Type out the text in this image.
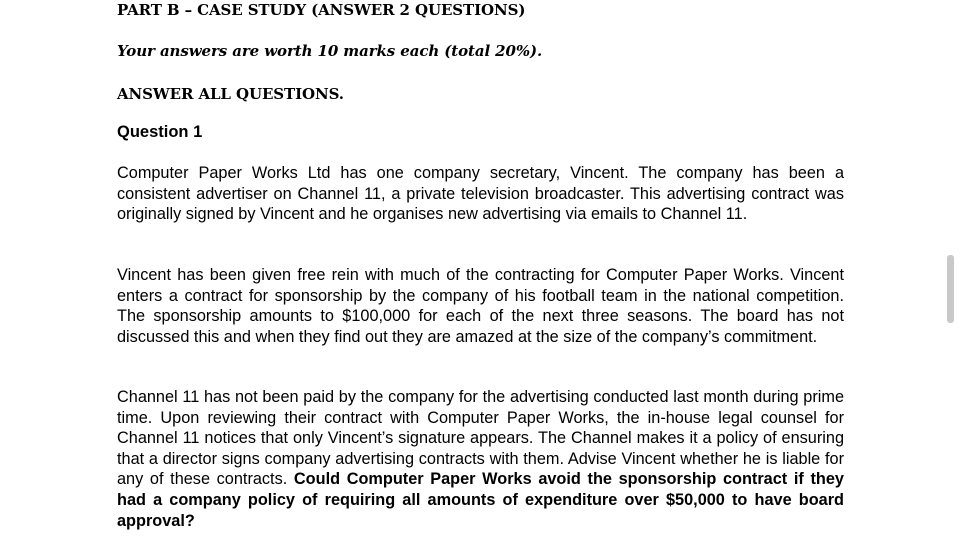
PART B – CASE STUDY (ANSWER 2 QUESTIONS)

Your answers are worth 10 marks each (total 20%).

ANSWER ALL QUESTIONS.

Question 1

Computer Paper Works Ltd has one company secretary, Vincent. The company has been a consistent advertiser on Channel 11, a private television broadcaster. This advertising contract was originally signed by Vincent and he organises new advertising via emails to Channel 11.

Vincent has been given free rein with much of the contracting for Computer Paper Works. Vincent enters a contract for sponsorship by the company of his football team in the national competition. The sponsorship amounts to $100,000 for each of the next three seasons. The board has not discussed this and when they find out they are amazed at the size of the company’s commitment.

Channel 11 has not been paid by the company for the advertising conducted last month during prime time. Upon reviewing their contract with Computer Paper Works, the in-house legal counsel for Channel 11 notices that only Vincent’s signature appears. The Channel makes it a policy of ensuring that a director signs company advertising contracts with them. Advise Vincent whether he is liable for any of these contracts. Could Computer Paper Works avoid the sponsorship contract if they had a company policy of requiring all amounts of expenditure over $50,000 to have board approval?
